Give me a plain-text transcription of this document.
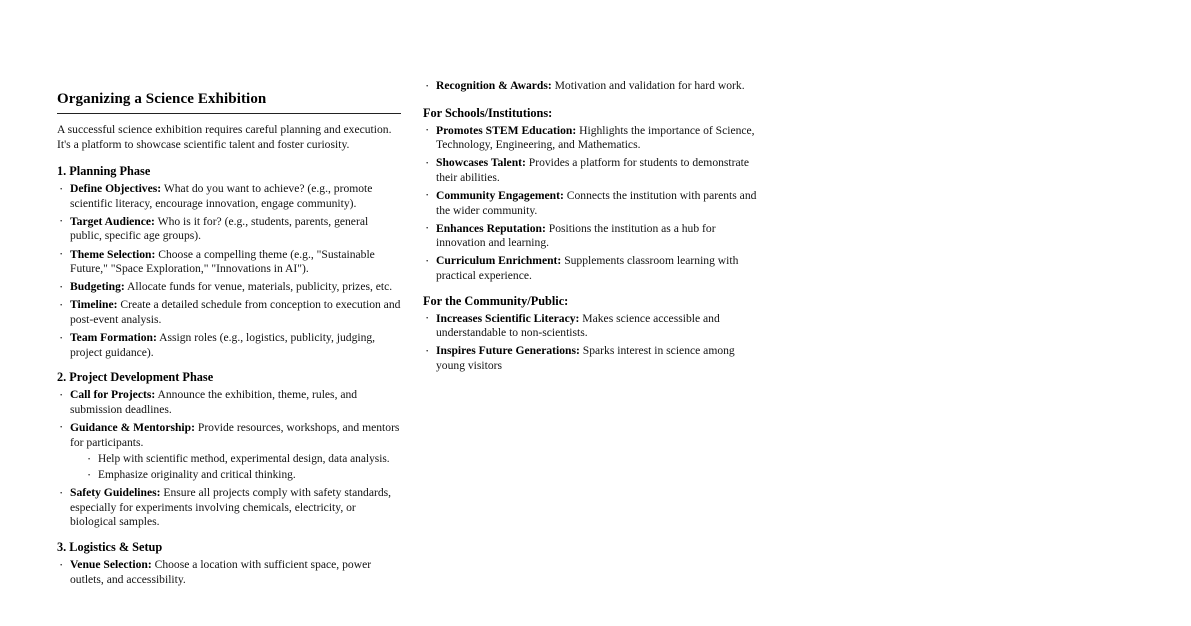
Organizing a Science Exhibition

A successful science exhibition requires careful planning and execution. It's a platform to showcase scientific talent and foster curiosity.

1. Planning Phase
· Define Objectives: What do you want to achieve? (e.g., promote scientific literacy, encourage innovation, engage community).
· Target Audience: Who is it for? (e.g., students, parents, general public, specific age groups).
· Theme Selection: Choose a compelling theme (e.g., "Sustainable Future," "Space Exploration," "Innovations in AI").
· Budgeting: Allocate funds for venue, materials, publicity, prizes, etc.
· Timeline: Create a detailed schedule from conception to execution and post-event analysis.
· Team Formation: Assign roles (e.g., logistics, publicity, judging, project guidance).
2. Project Development Phase
· Call for Projects: Announce the exhibition, theme, rules, and submission deadlines.
· Guidance & Mentorship: Provide resources, workshops, and mentors for participants.
· Help with scientific method, experimental design, data analysis.
· Emphasize originality and critical thinking.
· Safety Guidelines: Ensure all projects comply with safety standards, especially for experiments involving chemicals, electricity, or biological samples.
3. Logistics & Setup
· Venue Selection: Choose a location with sufficient space, power outlets, and accessibility.
· Recognition & Awards: Motivation and validation for hard work.
For Schools/Institutions:
· Promotes STEM Education: Highlights the importance of Science, Technology, Engineering, and Mathematics.
· Showcases Talent: Provides a platform for students to demonstrate their abilities.
· Community Engagement: Connects the institution with parents and the wider community.
· Enhances Reputation: Positions the institution as a hub for innovation and learning.
· Curriculum Enrichment: Supplements classroom learning with practical experience.
For the Community/Public:
· Increases Scientific Literacy: Makes science accessible and understandable to non-scientists.
· Inspires Future Generations: Sparks interest in science among young visitors
